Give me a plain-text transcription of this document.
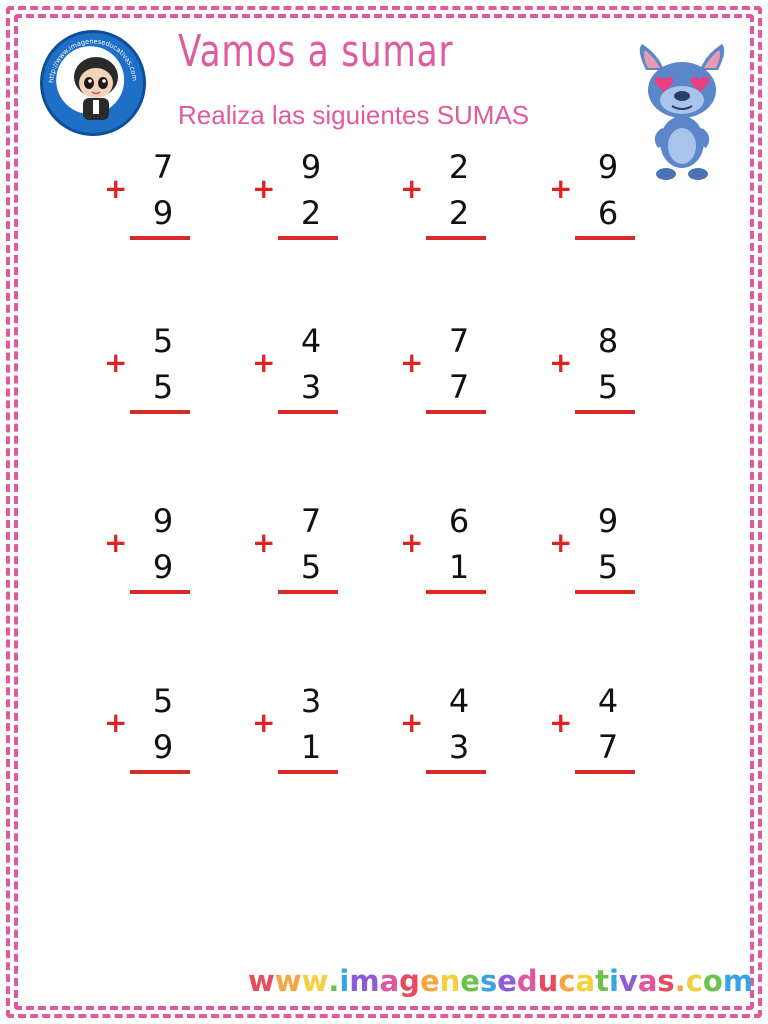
http://www.imageneseducativas.com
Vamos a sumar
Realiza las siguientes SUMAS
+
7
9
+
9
2
+
2
2
+
9
6
+
5
5
+
4
3
+
7
7
+
8
5
+
9
9
+
7
5
+
6
1
+
9
5
+
5
9
+
3
1
+
4
3
+
4
7
www.imageneseducativas.com
